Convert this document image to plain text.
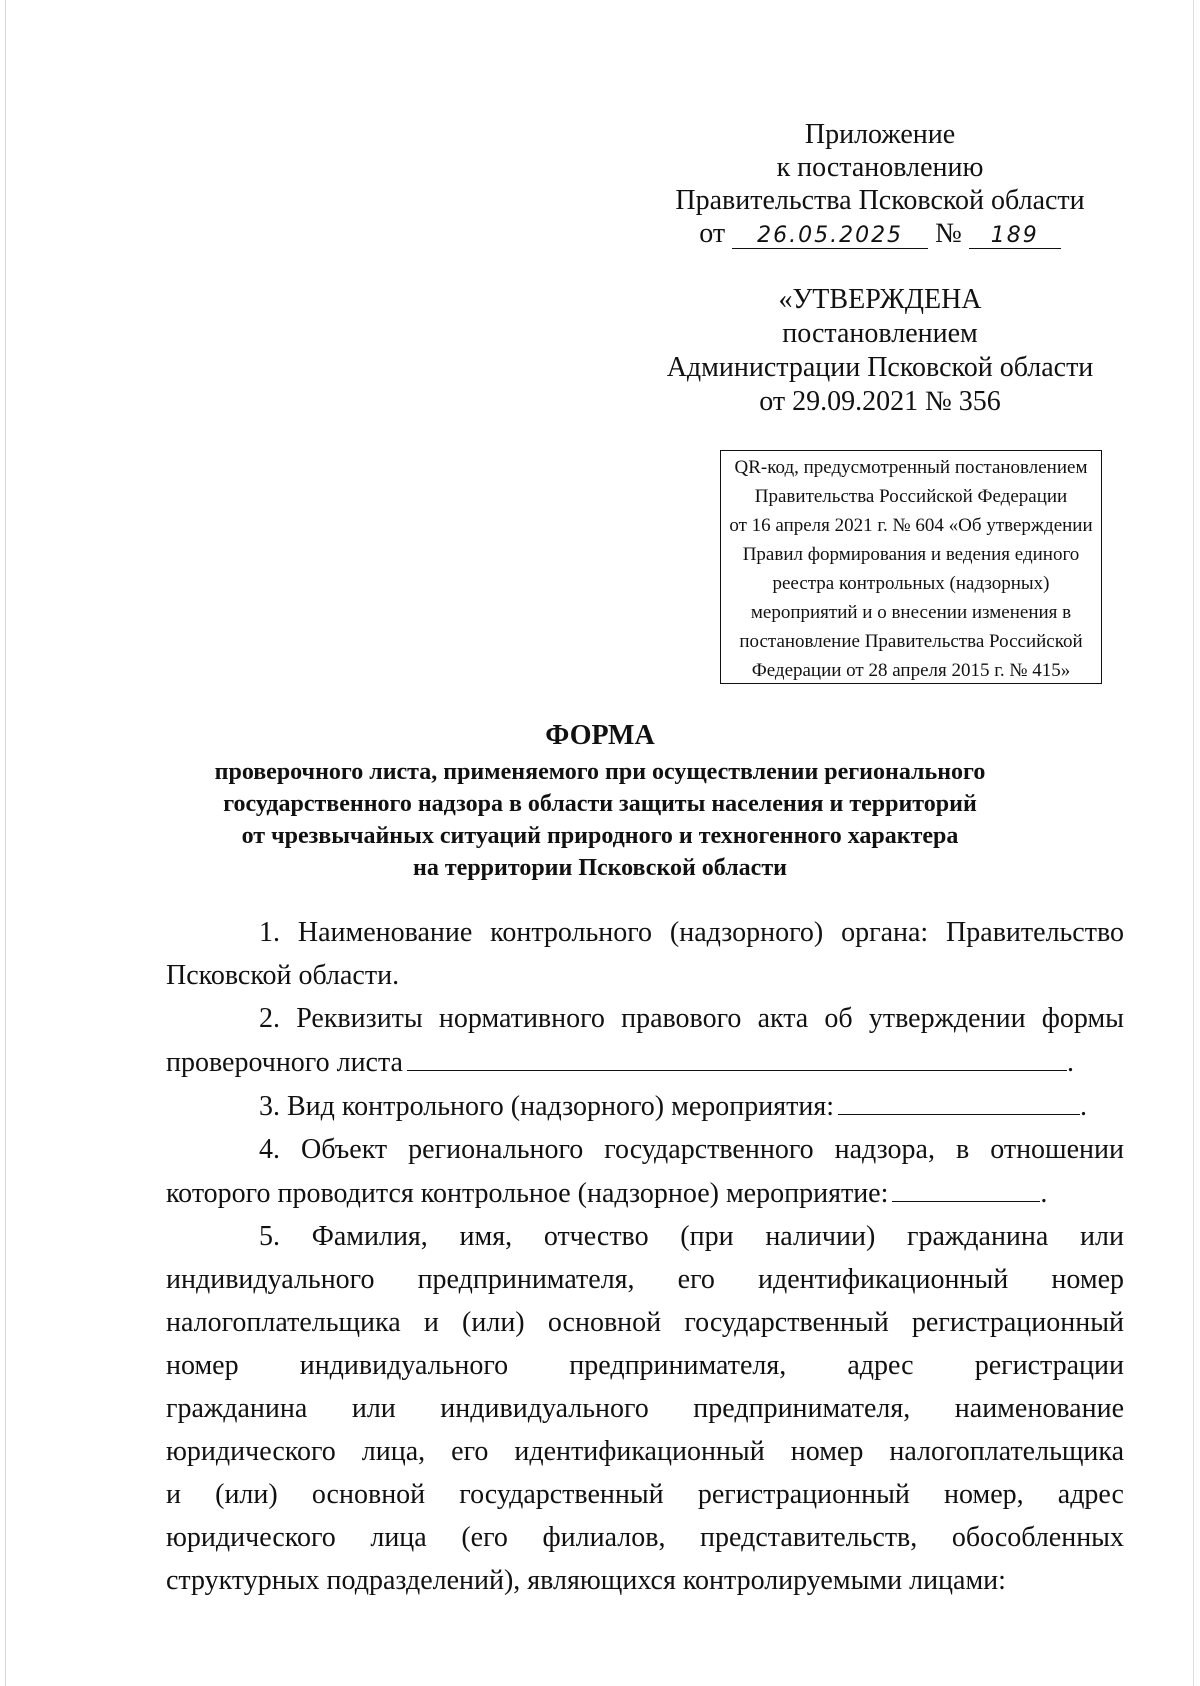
Приложение
к постановлению
Правительства Псковской области
от 26.05.2025 № 189
«УТВЕРЖДЕНА
постановлением
Администрации Псковской области
от 29.09.2021 № 356
QR-код, предусмотренный постановлением
Правительства Российской Федерации
от 16 апреля 2021 г. № 604 «Об утверждении
Правил формирования и ведения единого
реестра контрольных (надзорных)
мероприятий и о внесении изменения в
постановление Правительства Российской
Федерации от 28 апреля 2015 г. № 415»
ФОРМА
проверочного листа, применяемого при осуществлении регионального
государственного надзора в области защиты населения и территорий
от чрезвычайных ситуаций природного и техногенного характера
на территории Псковской области

1. Наименование контрольного (надзорного) органа: Правительство Псковской области.

2. Реквизиты нормативного правового акта об утверждении формы проверочного листа	.

3. Вид контрольного (надзорного) мероприятия:	.

4. Объект регионального государственного надзора, в отношении которого проводится контрольное (надзорное) мероприятие:	.

5. Фамилия, имя, отчество (при наличии) гражданина или
индивидуального предпринимателя, его идентификационный номер
налогоплательщика и (или) основной государственный регистрационный
номер индивидуального предпринимателя, адрес регистрации
гражданина или индивидуального предпринимателя, наименование
юридического лица, его идентификационный номер налогоплательщика
и (или) основной государственный регистрационный номер, адрес
юридического лица (его филиалов, представительств, обособленных
структурных подразделений), являющихся контролируемыми лицами:
